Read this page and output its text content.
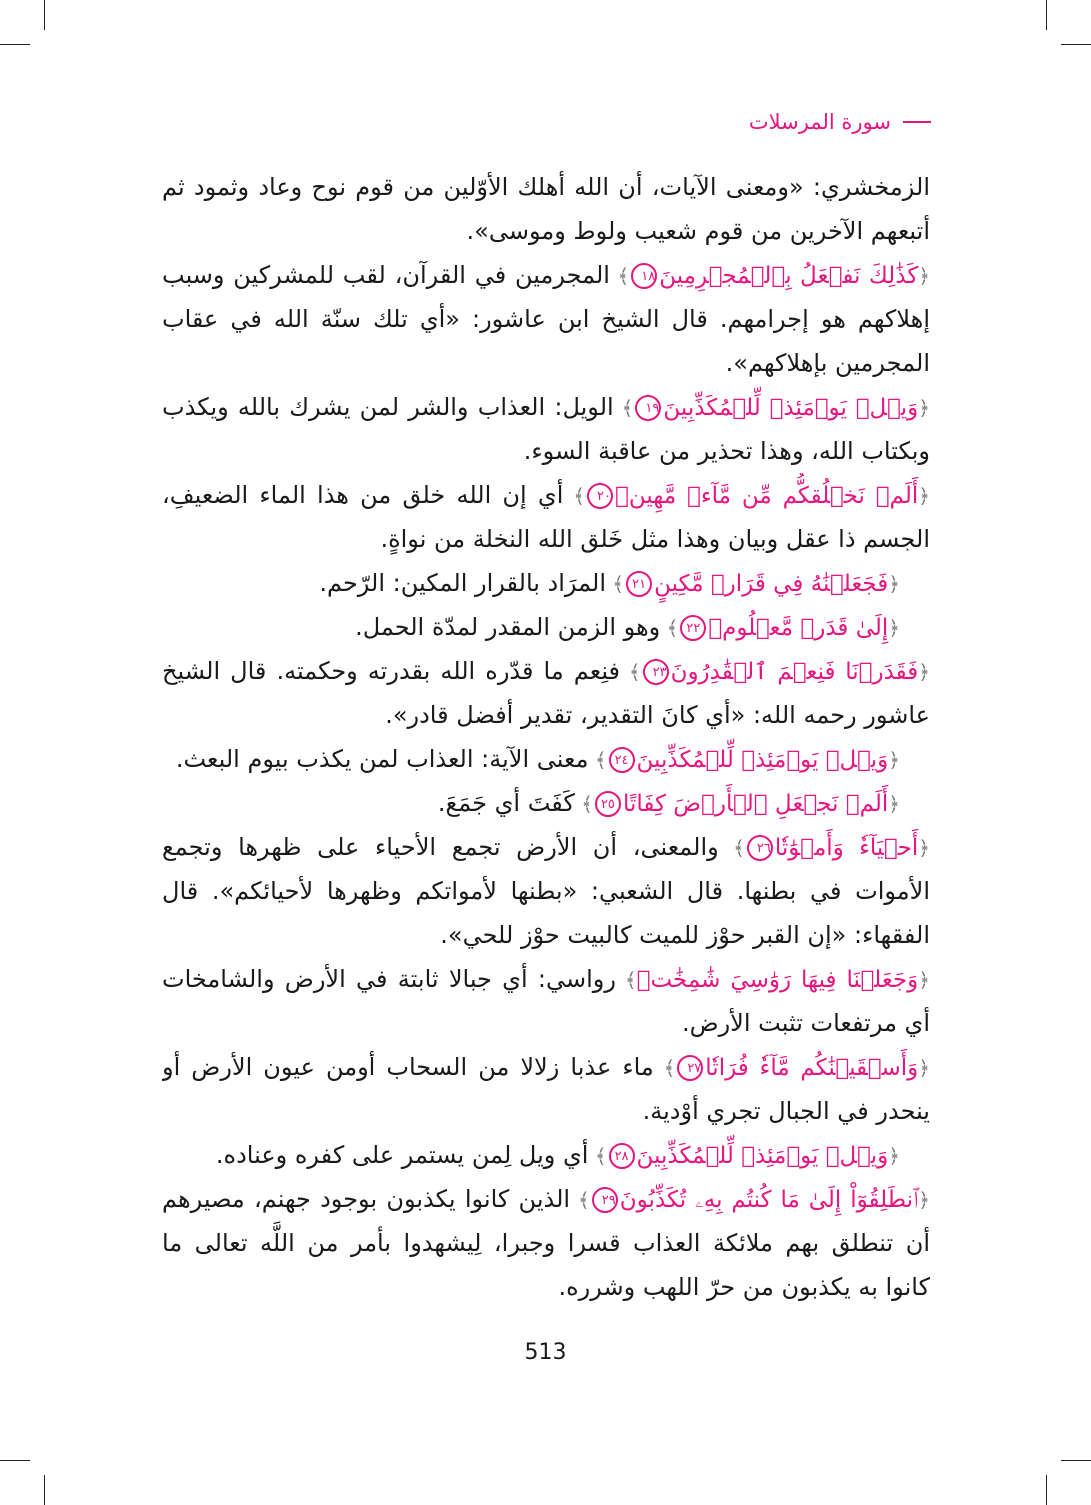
سورة المرسلات
الزمخشري: «ومعنى الآيات، أن الله أهلك الأوّلين من قوم نوح وعاد وثمود ثم
أتبعهم الآخرين من قوم شعيب ولوط وموسى».
﴿كَذَٰلِكَ نَفۡعَلُ بِٱلۡمُجۡرِمِينَ١٨﴾ المجرمين في القرآن، لقب للمشركين وسبب
إهلاكهم هو إجرامهم. قال الشيخ ابن عاشور: «أي تلك سنّة الله في عقاب
المجرمين بإهلاكهم».
﴿وَيۡلٞ يَوۡمَئِذٖ لِّلۡمُكَذِّبِينَ١٩﴾ الويل: العذاب والشر لمن يشرك بالله ويكذب
وبكتاب الله، وهذا تحذير من عاقبة السوء.
﴿أَلَمۡ نَخۡلُقكُّم مِّن مَّآءٖ مَّهِينٖ٢٠﴾ أي إن الله خلق من هذا الماء الضعيفِ،
الجسم ذا عقل وبيان وهذا مثل خَلق الله النخلة من نواةٍ.
﴿فَجَعَلۡنَٰهُ فِي قَرَارٖ مَّكِينٍ٢١﴾ المرَاد بالقرار المكين: الرّحم.
﴿إِلَىٰ قَدَرٖ مَّعۡلُومٖ٢٢﴾ وهو الزمن المقدر لمدّة الحمل.
﴿فَقَدَرۡنَا فَنِعۡمَ ٱلۡقَٰدِرُونَ٢٣﴾ فنِعم ما قدّره الله بقدرته وحكمته. قال الشيخ
عاشور رحمه الله: «أي كانَ التقدير، تقدير أفضل قادر».
﴿وَيۡلٞ يَوۡمَئِذٖ لِّلۡمُكَذِّبِينَ٢٤﴾ معنى الآية: العذاب لمن يكذب بيوم البعث.
﴿أَلَمۡ نَجۡعَلِ ٱلۡأَرۡضَ كِفَاتًا٢٥﴾ كَفَتَ أي جَمَعَ.
﴿أَحۡيَآءٗ وَأَمۡوَٰتٗا٢٦﴾ والمعنى، أن الأرض تجمع الأحياء على ظهرها وتجمع
الأموات في بطنها. قال الشعبي: «بطنها لأمواتكم وظهرها لأحيائكم». قال
الفقهاء: «إن القبر حوْز للميت كالبيت حوْز للحي».
﴿وَجَعَلۡنَا فِيهَا رَوَٰسِيَ شَٰمِخَٰتٖ﴾ رواسي: أي جبالا ثابتة في الأرض والشامخات
أي مرتفعات تثبت الأرض.
﴿وَأَسۡقَيۡنَٰكُم مَّآءٗ فُرَاتٗا٢٧﴾ ماء عذبا زلالا من السحاب أومن عيون الأرض أو
ينحدر في الجبال تجري أوْدية.
﴿وَيۡلٞ يَوۡمَئِذٖ لِّلۡمُكَذِّبِينَ٢٨﴾ أي ويل لِمن يستمر على كفره وعناده.
﴿ٱنطَلِقُوٓاْ إِلَىٰ مَا كُنتُم بِهِۦ تُكَذِّبُونَ٢٩﴾ الذين كانوا يكذبون بوجود جهنم، مصيرهم
أن تنطلق بهم ملائكة العذاب قسرا وجبرا، لِيشهدوا بأمر من اللَّه تعالى ما
كانوا به يكذبون من حرّ اللهب وشرره.
513
